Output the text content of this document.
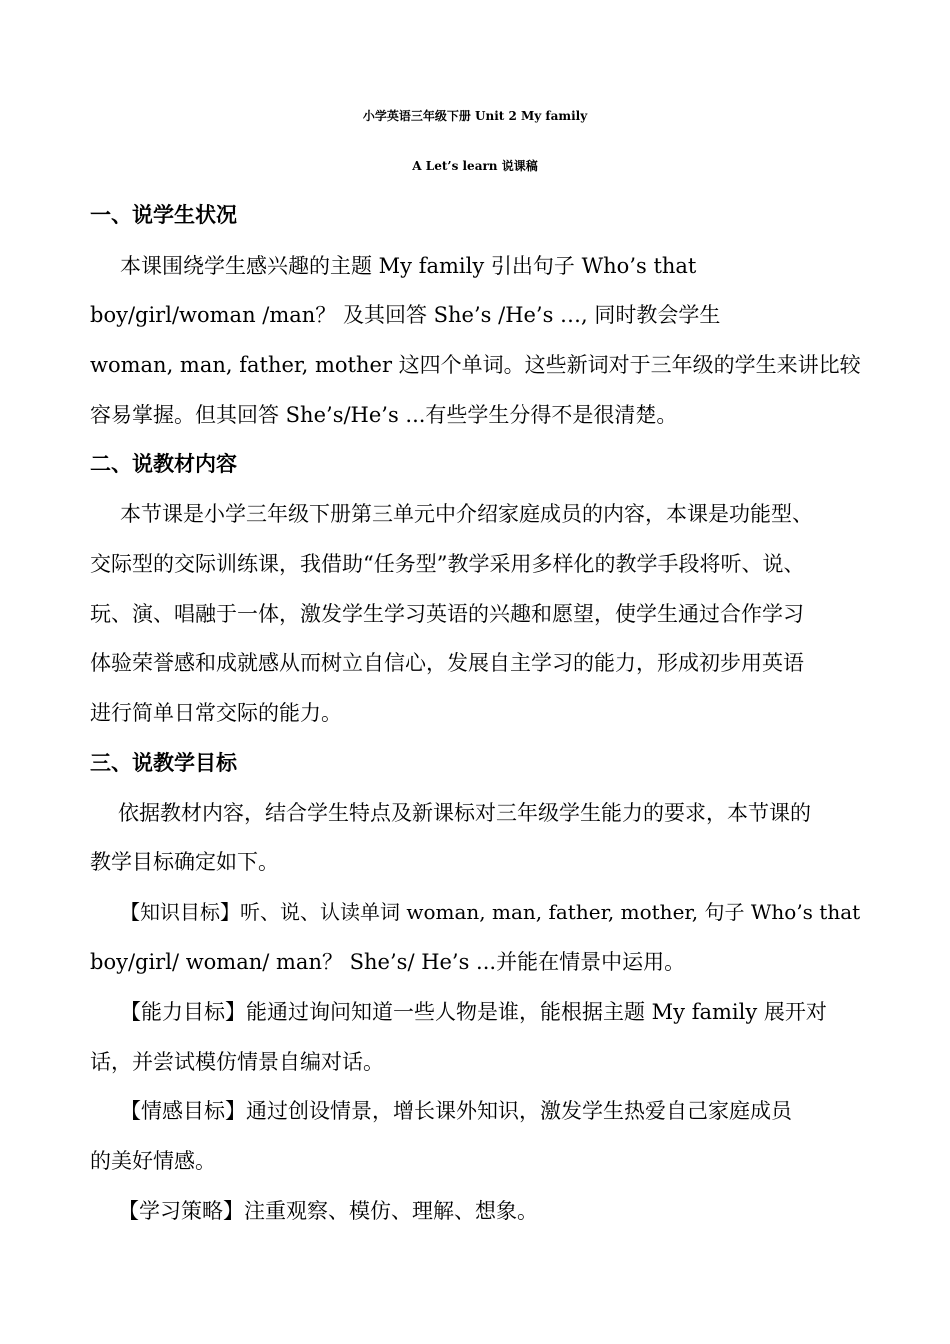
小学英语三年级下册 Unit 2 My family
A Let’s learn 说课稿
一、说学生状况
本课围绕学生感兴趣的主题 My family 引出句子 Who’s that
boy/girl/woman /man？ 及其回答 She’s /He’s …, 同时教会学生
woman, man, father, mother 这四个单词。这些新词对于三年级的学生来讲比较
容易掌握。但其回答 She’s/He’s ...有些学生分得不是很清楚。
二、说教材内容
本节课是小学三年级下册第三单元中介绍家庭成员的内容，本课是功能型、
交际型的交际训练课，我借助“任务型”教学采用多样化的教学手段将听、说、
玩、演、唱融于一体，激发学生学习英语的兴趣和愿望，使学生通过合作学习
体验荣誉感和成就感从而树立自信心，发展自主学习的能力，形成初步用英语
进行简单日常交际的能力。
三、说教学目标
依据教材内容，结合学生特点及新课标对三年级学生能力的要求，本节课的
教学目标确定如下。
【知识目标】听、说、认读单词 woman, man, father, mother, 句子 Who’s that
boy/girl/ woman/ man？ She’s/ He’s ...并能在情景中运用。
【能力目标】能通过询问知道一些人物是谁，能根据主题 My family 展开对
话，并尝试模仿情景自编对话。
【情感目标】通过创设情景，增长课外知识，激发学生热爱自己家庭成员
的美好情感。
【学习策略】注重观察、模仿、理解、想象。
